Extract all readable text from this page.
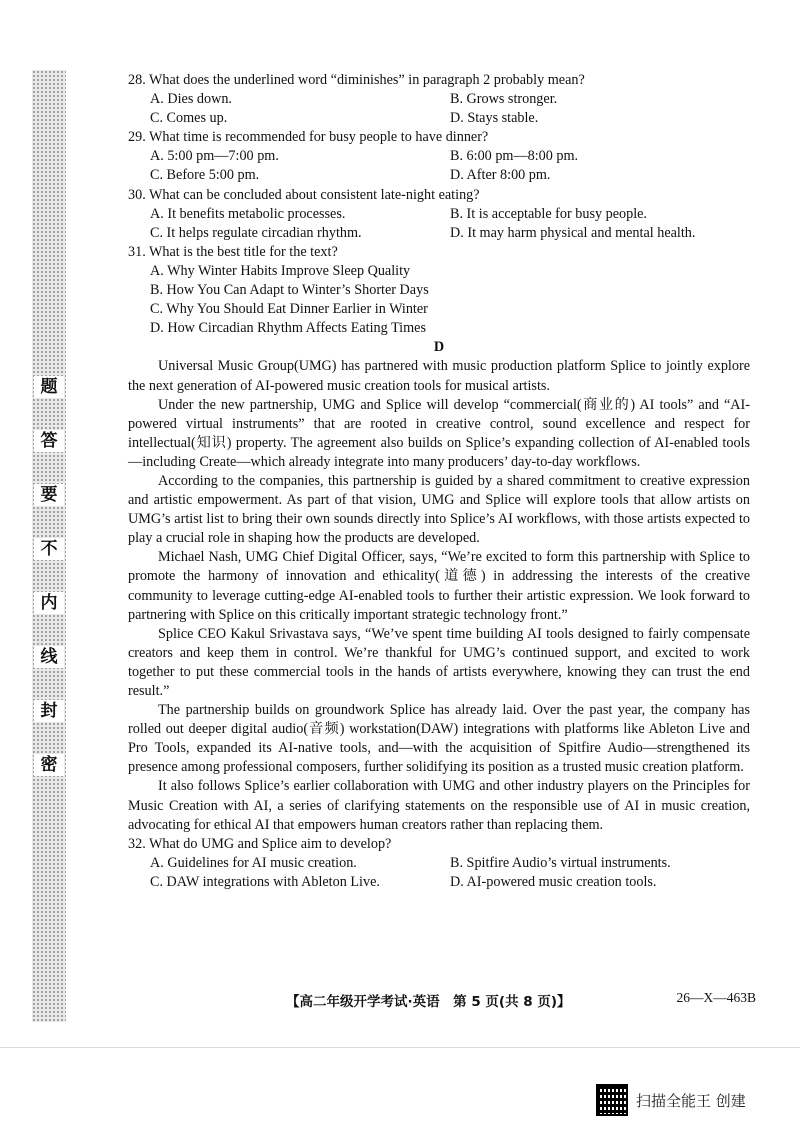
题
答
要
不
内
线
封
密
28. What does the underlined word “diminishes” in paragraph 2 probably mean?
A. Dies down.	B. Grows stronger.
C. Comes up.	D. Stays stable.
29. What time is recommended for busy people to have dinner?
A. 5:00 pm—7:00 pm.	B. 6:00 pm—8:00 pm.
C. Before 5:00 pm.	D. After 8:00 pm.
30. What can be concluded about consistent late-night eating?
A. It benefits metabolic processes.	B. It is acceptable for busy people.
C. It helps regulate circadian rhythm.	D. It may harm physical and mental health.
31. What is the best title for the text?
A. Why Winter Habits Improve Sleep Quality
B. How You Can Adapt to Winter’s Shorter Days
C. Why You Should Eat Dinner Earlier in Winter
D. How Circadian Rhythm Affects Eating Times
D

Universal Music Group(UMG) has partnered with music production platform Splice to jointly explore the next generation of AI-powered music creation tools for musical artists.

Under the new partnership, UMG and Splice will develop “commercial(商业的) AI tools” and “AI-powered virtual instruments” that are rooted in creative control, sound excellence and respect for intellectual(知识) property. The agreement also builds on Splice’s expanding collection of AI-enabled tools—including Create—which already integrate into many producers’ day-to-day workflows.

According to the companies, this partnership is guided by a shared commitment to creative expression and artistic empowerment. As part of that vision, UMG and Splice will explore tools that allow artists on UMG’s artist list to bring their own sounds directly into Splice’s AI workflows, with those artists expected to play a crucial role in shaping how the products are developed.

Michael Nash, UMG Chief Digital Officer, says, “We’re excited to form this partnership with Splice to promote the harmony of innovation and ethicality(道德) in addressing the interests of the creative community to leverage cutting-edge AI-enabled tools to further their artistic expression. We look forward to partnering with Splice on this critically important strategic technology front.”

Splice CEO Kakul Srivastava says, “We’ve spent time building AI tools designed to fairly compensate creators and keep them in control. We’re thankful for UMG’s continued support, and excited to work together to put these commercial tools in the hands of artists everywhere, knowing they can trust the end result.”

The partnership builds on groundwork Splice has already laid. Over the past year, the company has rolled out deeper digital audio(音频) workstation(DAW) integrations with platforms like Ableton Live and Pro Tools, expanded its AI-native tools, and—with the acquisition of Spitfire Audio—strengthened its presence among professional composers, further solidifying its position as a trusted music creation platform.

It also follows Splice’s earlier collaboration with UMG and other industry players on the Principles for Music Creation with AI, a series of clarifying statements on the responsible use of AI in music creation, advocating for ethical AI that empowers human creators rather than replacing them.

32. What do UMG and Splice aim to develop?
A. Guidelines for AI music creation.	B. Spitfire Audio’s virtual instruments.
C. DAW integrations with Ableton Live.	D. AI-powered music creation tools.
【高二年级开学考试·英语　第 5 页(共 8 页)】	26—X—463B
扫描全能王 创建
